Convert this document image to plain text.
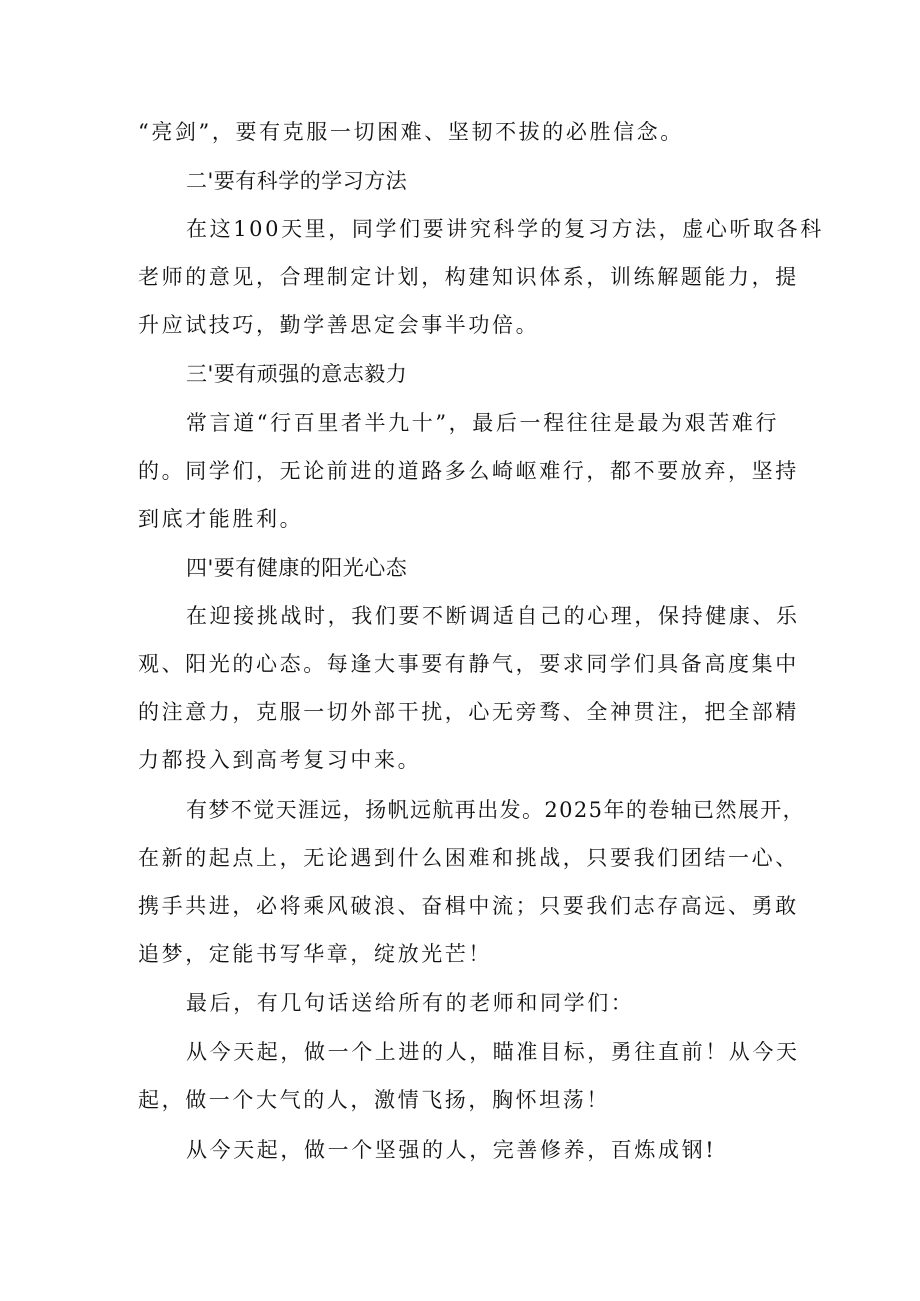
“亮剑”，要有克服一切困难、坚韧不拔的必胜信念。
二'要有科学的学习方法
在这100天里，同学们要讲究科学的复习方法，虚心听取各科
老师的意见，合理制定计划，构建知识体系，训练解题能力，提
升应试技巧，勤学善思定会事半功倍。
三'要有顽强的意志毅力
常言道“行百里者半九十”，最后一程往往是最为艰苦难行
的。同学们，无论前进的道路多么崎岖难行，都不要放弃，坚持
到底才能胜利。
四'要有健康的阳光心态
在迎接挑战时，我们要不断调适自己的心理，保持健康、乐
观、阳光的心态。每逢大事要有静气，要求同学们具备高度集中
的注意力，克服一切外部干扰，心无旁骛、全神贯注，把全部精
力都投入到高考复习中来。
有梦不觉天涯远，扬帆远航再出发。2025年的卷轴已然展开，
在新的起点上，无论遇到什么困难和挑战，只要我们团结一心、
携手共进，必将乘风破浪、奋楫中流；只要我们志存高远、勇敢
追梦，定能书写华章，绽放光芒！
最后，有几句话送给所有的老师和同学们：
从今天起，做一个上进的人，瞄准目标，勇往直前！从今天
起，做一个大气的人，激情飞扬，胸怀坦荡！
从今天起，做一个坚强的人，完善修养，百炼成钢!
